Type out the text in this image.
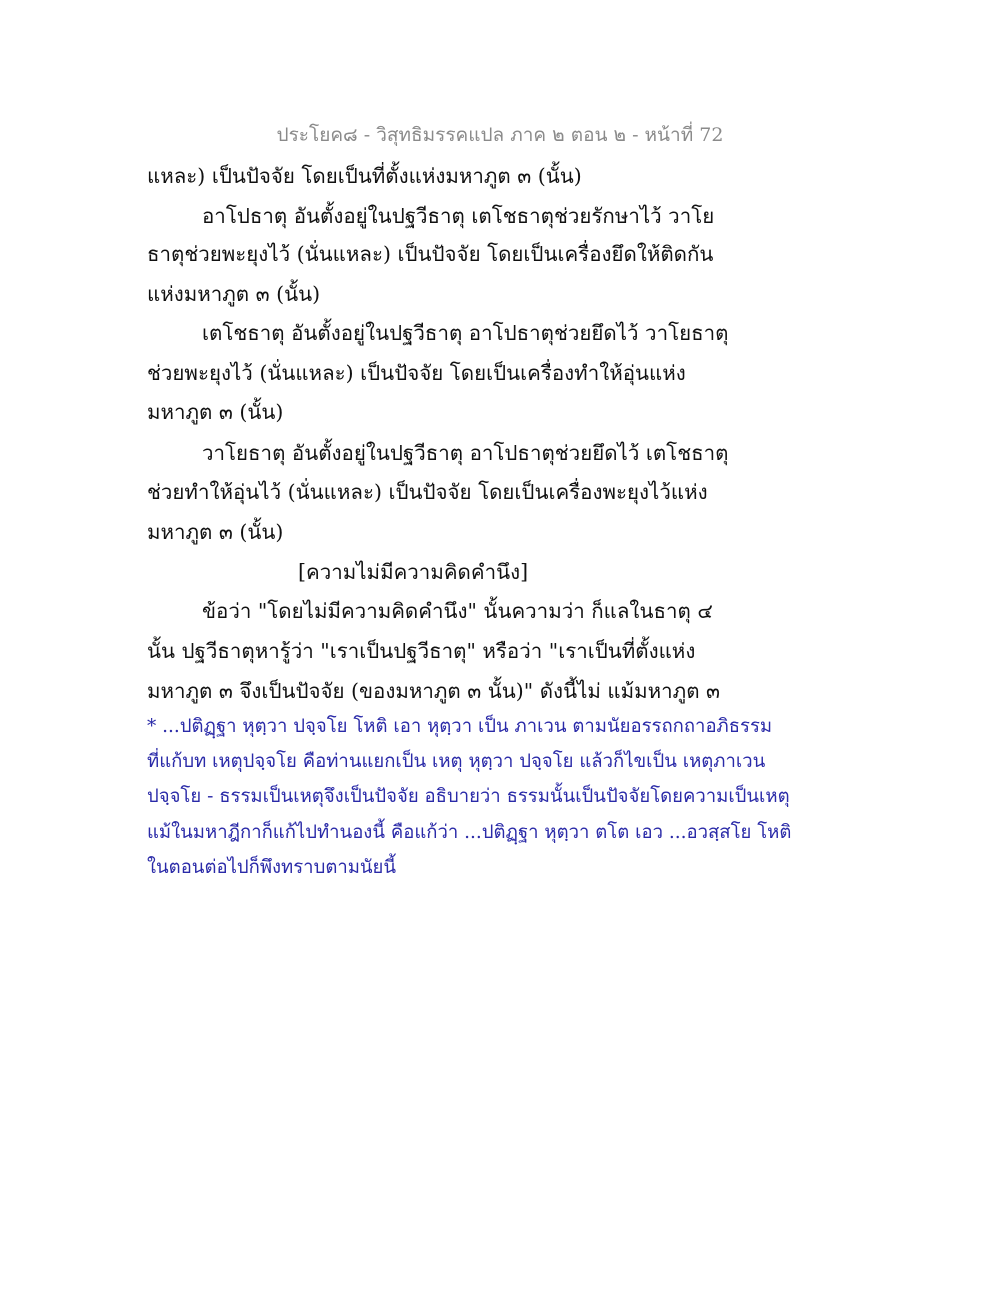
ประโยค๘ - วิสุทธิมรรคแปล ภาค ๒ ตอน ๒ - หน้าที่ 72
แหละ) เป็นปัจจัย โดยเป็นที่ตั้งแห่งมหาภูต ๓ (นั้น)
อาโปธาตุ อันตั้งอยู่ในปฐวีธาตุ เตโชธาตุช่วยรักษาไว้ วาโย
ธาตุช่วยพะยุงไว้ (นั่นแหละ) เป็นปัจจัย โดยเป็นเครื่องยึดให้ติดกัน
แห่งมหาภูต ๓ (นั้น)
เตโชธาตุ อันตั้งอยู่ในปฐวีธาตุ อาโปธาตุช่วยยึดไว้ วาโยธาตุ
ช่วยพะยุงไว้ (นั่นแหละ) เป็นปัจจัย โดยเป็นเครื่องทำให้อุ่นแห่ง
มหาภูต ๓ (นั้น)
วาโยธาตุ อันตั้งอยู่ในปฐวีธาตุ อาโปธาตุช่วยยึดไว้ เตโชธาตุ
ช่วยทำให้อุ่นไว้ (นั่นแหละ) เป็นปัจจัย โดยเป็นเครื่องพะยุงไว้แห่ง
มหาภูต ๓ (นั้น)
[ความไม่มีความคิดคำนึง]
ข้อว่า "โดยไม่มีความคิดคำนึง" นั้นความว่า ก็แลในธาตุ ๔
นั้น ปฐวีธาตุหารู้ว่า "เราเป็นปฐวีธาตุ" หรือว่า "เราเป็นที่ตั้งแห่ง
มหาภูต ๓ จึงเป็นปัจจัย (ของมหาภูต ๓ นั้น)" ดังนี้ไม่ แม้มหาภูต ๓
* ...ปติฏฺฐา หุตฺวา ปจฺจโย โหติ เอา หุตฺวา เป็น ภาเวน ตามนัยอรรถกถาอภิธรรม
ที่แก้บท เหตุปจฺจโย คือท่านแยกเป็น เหตุ หุตฺวา ปจฺจโย แล้วก็ไขเป็น เหตุภาเวน
ปจฺจโย - ธรรมเป็นเหตุจึงเป็นปัจจัย อธิบายว่า ธรรมนั้นเป็นปัจจัยโดยความเป็นเหตุ
แม้ในมหาฎีกาก็แก้ไปทำนองนี้ คือแก้ว่า ...ปติฏฺฐา หุตฺวา ตโต เอว ...อวสฺสโย โหติ
ในตอนต่อไปก็พึงทราบตามนัยนี้
